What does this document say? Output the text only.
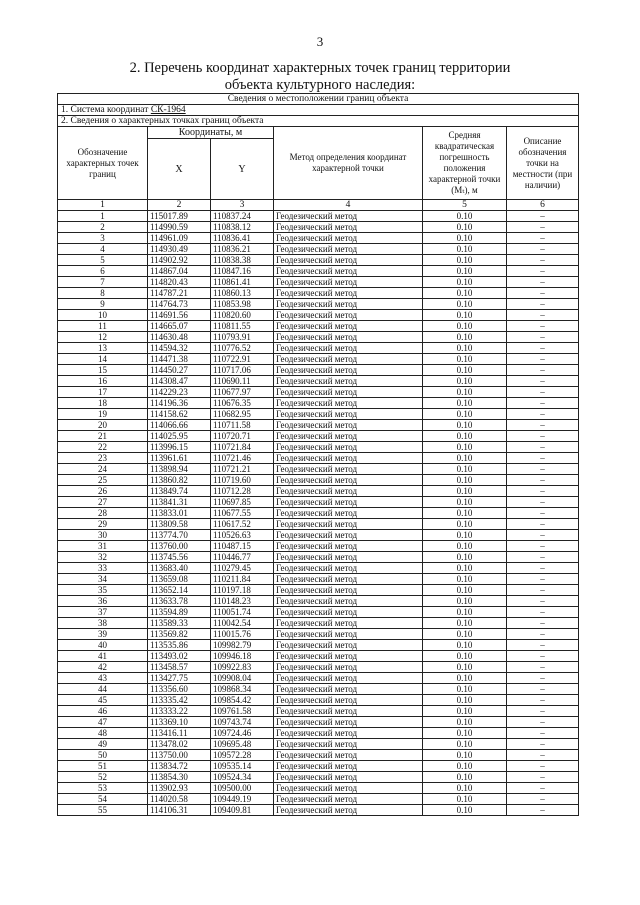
3
2. Перечень координат характерных точек границ территории
объекта культурного наследия:
Сведения о местоположении границ объекта					
1. Система координат СК-1964					
2. Сведения о характерных точках границ объекта					
Обозначение характерных точек границ	Координаты, м		Метод определения координат характерной точки	Средняя квадратическая погрешность положения характерной точки (Mₜ), м	Описание обозначения точки на местности (при наличии)
	X	Y			
1	2	3	4	5	6
1	115017.89	110837.24	Геодезический метод	0.10	–
2	114990.59	110838.12	Геодезический метод	0.10	–
3	114961.09	110836.41	Геодезический метод	0.10	–
4	114930.49	110836.21	Геодезический метод	0.10	–
5	114902.92	110838.38	Геодезический метод	0.10	–
6	114867.04	110847.16	Геодезический метод	0.10	–
7	114820.43	110861.41	Геодезический метод	0.10	–
8	114787.21	110860.13	Геодезический метод	0.10	–
9	114764.73	110853.98	Геодезический метод	0.10	–
10	114691.56	110820.60	Геодезический метод	0.10	–
11	114665.07	110811.55	Геодезический метод	0.10	–
12	114630.48	110793.91	Геодезический метод	0.10	–
13	114594.32	110776.52	Геодезический метод	0.10	–
14	114471.38	110722.91	Геодезический метод	0.10	–
15	114450.27	110717.06	Геодезический метод	0.10	–
16	114308.47	110690.11	Геодезический метод	0.10	–
17	114229.23	110677.97	Геодезический метод	0.10	–
18	114196.36	110676.35	Геодезический метод	0.10	–
19	114158.62	110682.95	Геодезический метод	0.10	–
20	114066.66	110711.58	Геодезический метод	0.10	–
21	114025.95	110720.71	Геодезический метод	0.10	–
22	113996.15	110721.84	Геодезический метод	0.10	–
23	113961.61	110721.46	Геодезический метод	0.10	–
24	113898.94	110721.21	Геодезический метод	0.10	–
25	113860.82	110719.60	Геодезический метод	0.10	–
26	113849.74	110712.28	Геодезический метод	0.10	–
27	113841.31	110697.85	Геодезический метод	0.10	–
28	113833.01	110677.55	Геодезический метод	0.10	–
29	113809.58	110617.52	Геодезический метод	0.10	–
30	113774.70	110526.63	Геодезический метод	0.10	–
31	113760.00	110487.15	Геодезический метод	0.10	–
32	113745.56	110446.77	Геодезический метод	0.10	–
33	113683.40	110279.45	Геодезический метод	0.10	–
34	113659.08	110211.84	Геодезический метод	0.10	–
35	113652.14	110197.18	Геодезический метод	0.10	–
36	113633.78	110148.23	Геодезический метод	0.10	–
37	113594.89	110051.74	Геодезический метод	0.10	–
38	113589.33	110042.54	Геодезический метод	0.10	–
39	113569.82	110015.76	Геодезический метод	0.10	–
40	113535.86	109982.79	Геодезический метод	0.10	–
41	113493.02	109946.18	Геодезический метод	0.10	–
42	113458.57	109922.83	Геодезический метод	0.10	–
43	113427.75	109908.04	Геодезический метод	0.10	–
44	113356.60	109868.34	Геодезический метод	0.10	–
45	113335.42	109854.42	Геодезический метод	0.10	–
46	113333.22	109761.58	Геодезический метод	0.10	–
47	113369.10	109743.74	Геодезический метод	0.10	–
48	113416.11	109724.46	Геодезический метод	0.10	–
49	113478.02	109695.48	Геодезический метод	0.10	–
50	113750.00	109572.28	Геодезический метод	0.10	–
51	113834.72	109535.14	Геодезический метод	0.10	–
52	113854.30	109524.34	Геодезический метод	0.10	–
53	113902.93	109500.00	Геодезический метод	0.10	–
54	114020.58	109449.19	Геодезический метод	0.10	–
55	114106.31	109409.81	Геодезический метод	0.10	–
